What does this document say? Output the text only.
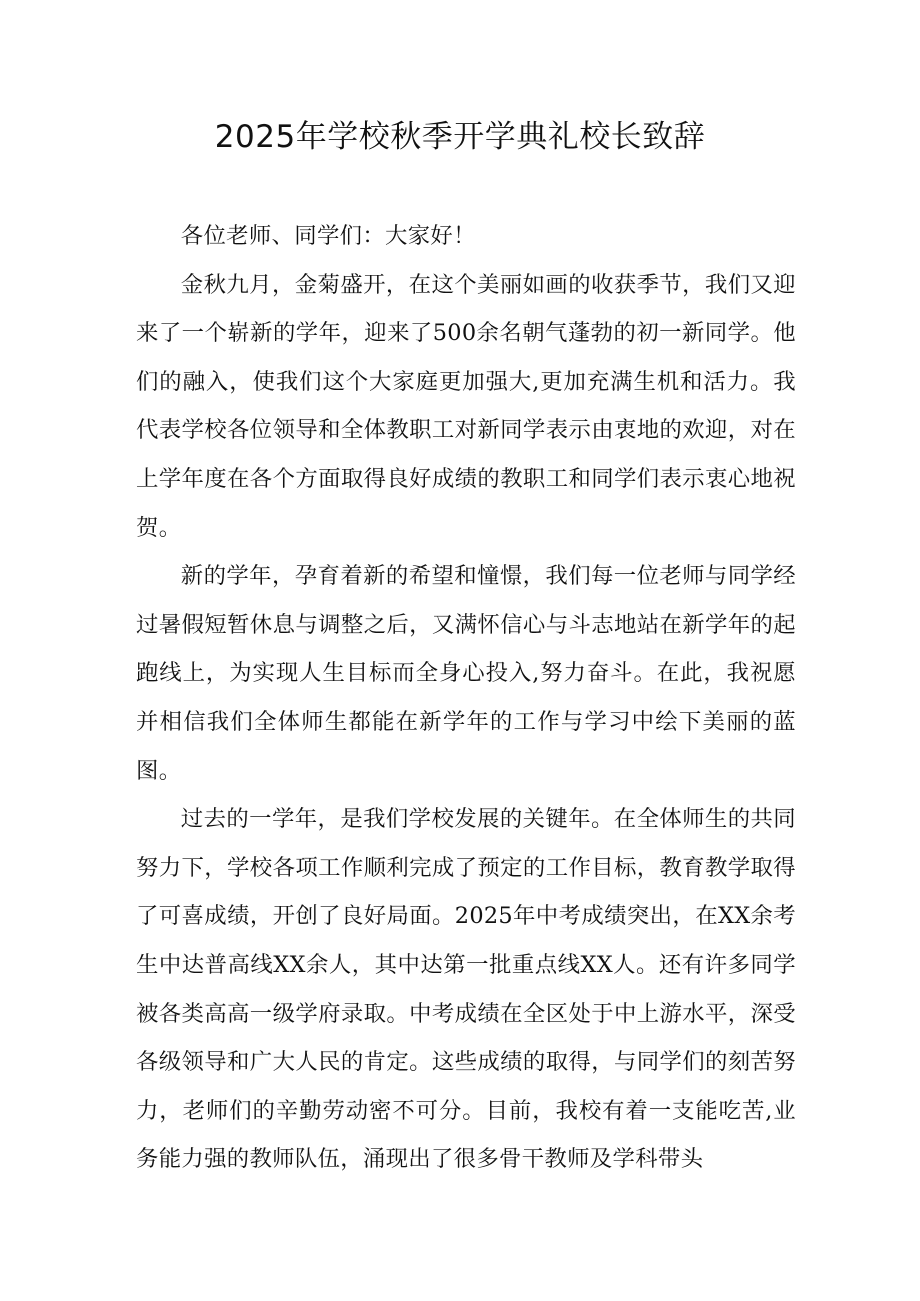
2025年学校秋季开学典礼校长致辞

各位老师、同学们：大家好！

金秋九月，金菊盛开，在这个美丽如画的收获季节，我们又迎来了一个崭新的学年，迎来了500余名朝气蓬勃的初一新同学。他们的融入，使我们这个大家庭更加强大,更加充满生机和活力。我代表学校各位领导和全体教职工对新同学表示由衷地的欢迎，对在上学年度在各个方面取得良好成绩的教职工和同学们表示衷心地祝贺。

新的学年，孕育着新的希望和憧憬，我们每一位老师与同学经过暑假短暂休息与调整之后，又满怀信心与斗志地站在新学年的起跑线上，为实现人生目标而全身心投入,努力奋斗。在此，我祝愿并相信我们全体师生都能在新学年的工作与学习中绘下美丽的蓝图。

过去的一学年，是我们学校发展的关键年。在全体师生的共同努力下，学校各项工作顺利完成了预定的工作目标，教育教学取得了可喜成绩，开创了良好局面。2025年中考成绩突出，在XX余考生中达普高线XX余人，其中达第一批重点线XX人。还有许多同学被各类高高一级学府录取。中考成绩在全区处于中上游水平，深受各级领导和广大人民的肯定。这些成绩的取得，与同学们的刻苦努力，老师们的辛勤劳动密不可分。目前，我校有着一支能吃苦,业务能力强的教师队伍，涌现出了很多骨干教师及学科带头
